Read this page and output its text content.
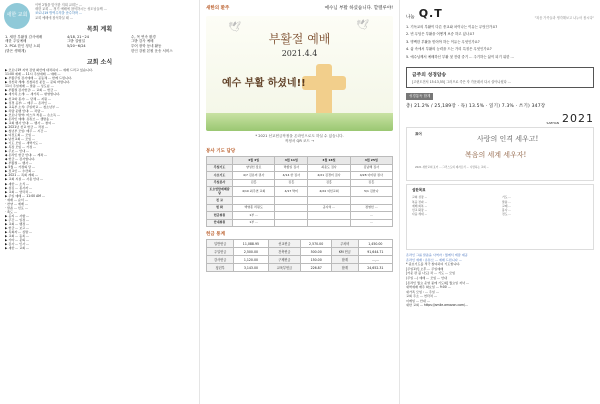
새한 교회
이번 2월을 맞이한 저희 교회는 ...
새한 교회 ... 정기 예배에 참석하시는 성도님들께 ...
코로나19 방역수칙을 준수하며 ...
교회 예배에 참석하실 때 ...
목회 계획
1. 새한 부활절 감사예배	4/18, 21~24	수, 목 연속 환경
새한 주일예배	그밖 설립일	그밖 감사 예배
2. PCA 한인 청년 노회	5/20~6/24	투어 장학 동네 활동
(밝은 생태계)	한인 강원 본원 운송 서비스
교회 소식
▶ 코로나19 지역 감염 확산에 대처하여 ... 예배 드리고 있습니다.
11:00 예배 ... 11시 주일예배 ... 예배 ...
▶ 부활주일 감사예배 ... 공동체 ... 함께 드립니다.
▶ 성찬과 세례: 신청하신 분들 ... 문의 바랍니다.
11시 주일예배 ... 말씀 ... 성도님 ...
▶ 부활절 감사헌금: ... 교회 ... 헌금 ...
▶ 새가족 소개: ... 새가족 ... 환영합니다.
▶ 선교와 봉사: ... 단체 ... 지원 ...
▶ 성경 공부: ... 매주 ... 온라인 ...
▶ 교육부 소식: 주일학교 ... 청소년부 ...
▶ 차량 운행 안내: ... 차량 ...
▶ 코로나 방역: 마스크 착용 ... 손소독 ...
▶ 온라인 예배: 유튜브 ... 생방송 ...
▶ 교회 행사 안내: ... 행사 ... 참여 ...
▶ 2021년 선교 헌금 ... 작정 ...
▶ 청년부 모임: 매주 ... 시간 ...
▶ 여전도회 ... 모임 ...
▶ 남선교회 ... 모임 ...
▶ 기도 모임 ... 새벽기도 ...
▶ 목장 모임 ... 가정 ...
▶ 주보 ... 안내 ...
◆ 온라인 헌금 안내: ... 계좌 ...
◆ 헌금 ... 감사합니다.
▶ 부활절 ... 행사 ...
▶ 5월 ... 가정의 달 ...
▶ 전교인 ... 수련회 ...
▶ 2021 ... 목회 계획 ...
▶ 교회 시설 ... 사용 안내 ...
▶ 새한 ... 소식 ...
▶ 섬김 ... 봉사자 ...
▶ 교회 ... 연락처 ...
▶ 주일 예배 ... 11:00 AM ...
· 예배 ... 순서 ...
· 찬양 ... 예배 ...
· 말씀 ... 선포 ...
· 축도 ...
▶ 공지 ... 사항 ...
▶ 주간 ... 일정 ...
▶ 교회 ... 행정 ...
▶ 헌금 ... 보고 ...
▶ 목회자 ... 심방 ...
▶ 교회 ... 등록 ...
▶ 기타 ... 문의 ...
▶ 감사 ... 인사 ...
▶ 새한 ... 교회 ...
새한의 환주	예수님 부활 하셨습니다. 할렐루야!
🕊	🕊
부활절 예배
2021.4.4
예수 부활 하셨네!!
* 2021 선교헌금작정을 온라인으로도 하실 수 있습니다.
작정서 QR 코드 →
봉사 기도 담당
	4월 4일	4월 11일	4월 18일	4월 25일
주일기도	양성선 장로	박종일 집사	최용도 집사	김남해 집사
수요기도	4/7 김유미 권사	4/14 한 집사	4/21 김경미 집사	4/28 이미란 권사
주일봉사	김흥	김흥	김흥	김흥
토요연합예배담당	4/10 최주연 교회	4/17 박미	4/24 여선교회	5/1 김한나
친 교				
현 화	백영훈 리원도		공사처 ...	정영선 ...
헌금위원	1부 ...			...
안내위원	1부 ...			...
헌금 통계
일반헌금	11,088.95	선교헌금	2,570.00	주차비	1,450.00
주일헌금	2,500.00	건축헌금	500.00	KM 헌금	91,644.71
감사헌금	1,120.00	구제헌금	150.00	합계	...,...
청년부	3,143.00	교육부헌금	226.87	합계	24,652.31
나눔 Q.T	"복음 가족들과 생각해보고 나누어 봅시다"
1. 기독교의 부활이 다른 종교와 차이나는 이유는 무엇인가요?
2. 빈 무덤은 부활을 어떻게 보증 하고 있나요?
3. 명백한 부활을 믿어야 하는 이유는 무엇인가요?
4. 삶 속에서 부활의 능력을 드는 가리 특징은 무엇인가요?
5. 예수님께서 예배하신 부활 첫 전령 중기 ... 주기하는 삶이 되기 위한 ...
금주의 성경암송
[고린도전서 15:13,55] 그러므로 죽은 자 가운데서 다시 살아나셨다 ...
성경통독 합계
총) 21.2% / 25,189장 · 독) 13.5% · 읽기) 7.3% · 쓰기) 347장
SAEHAN 2021
표어
사랑의 인격 세우고!
복음의 세계 세우자!
2021 새한교회 표어 ... 그리스도의 제자로서 ... 사랑하는 교회 ...
설한목표
교회 성장 ...
복음 전파 ...
예배 회복 ...
선교 확장 ...
다음 세대 ...
기도 ...
말씀 ...
교제 ...
봉사 ...
전도 ...
온라인 그룹 말씀을 사역자 : 월에서 계잠 제공
온라인 예배 : 유튜브 ... 예배 드립니다 ...
* 중보기도를 적극 참여하여 기도합니다.
[주일1부] 오후 ... 주일예배
[카운 관 불 나도) 차 ... 기도 ... 모임
(주일 ...) 예배 ... 모임 ... 안내
[온라인 월요 운영 중에 기도회] 월요일 저녁 ...
새벽예배 매주 화요일 ... 9:00 ...
새가족 모임 : ... 주일 ...
교회 주소 ... 연락처 ...
이메일 ... 안내 ...
새한 교회 ... https://smile.amazon.com/...
